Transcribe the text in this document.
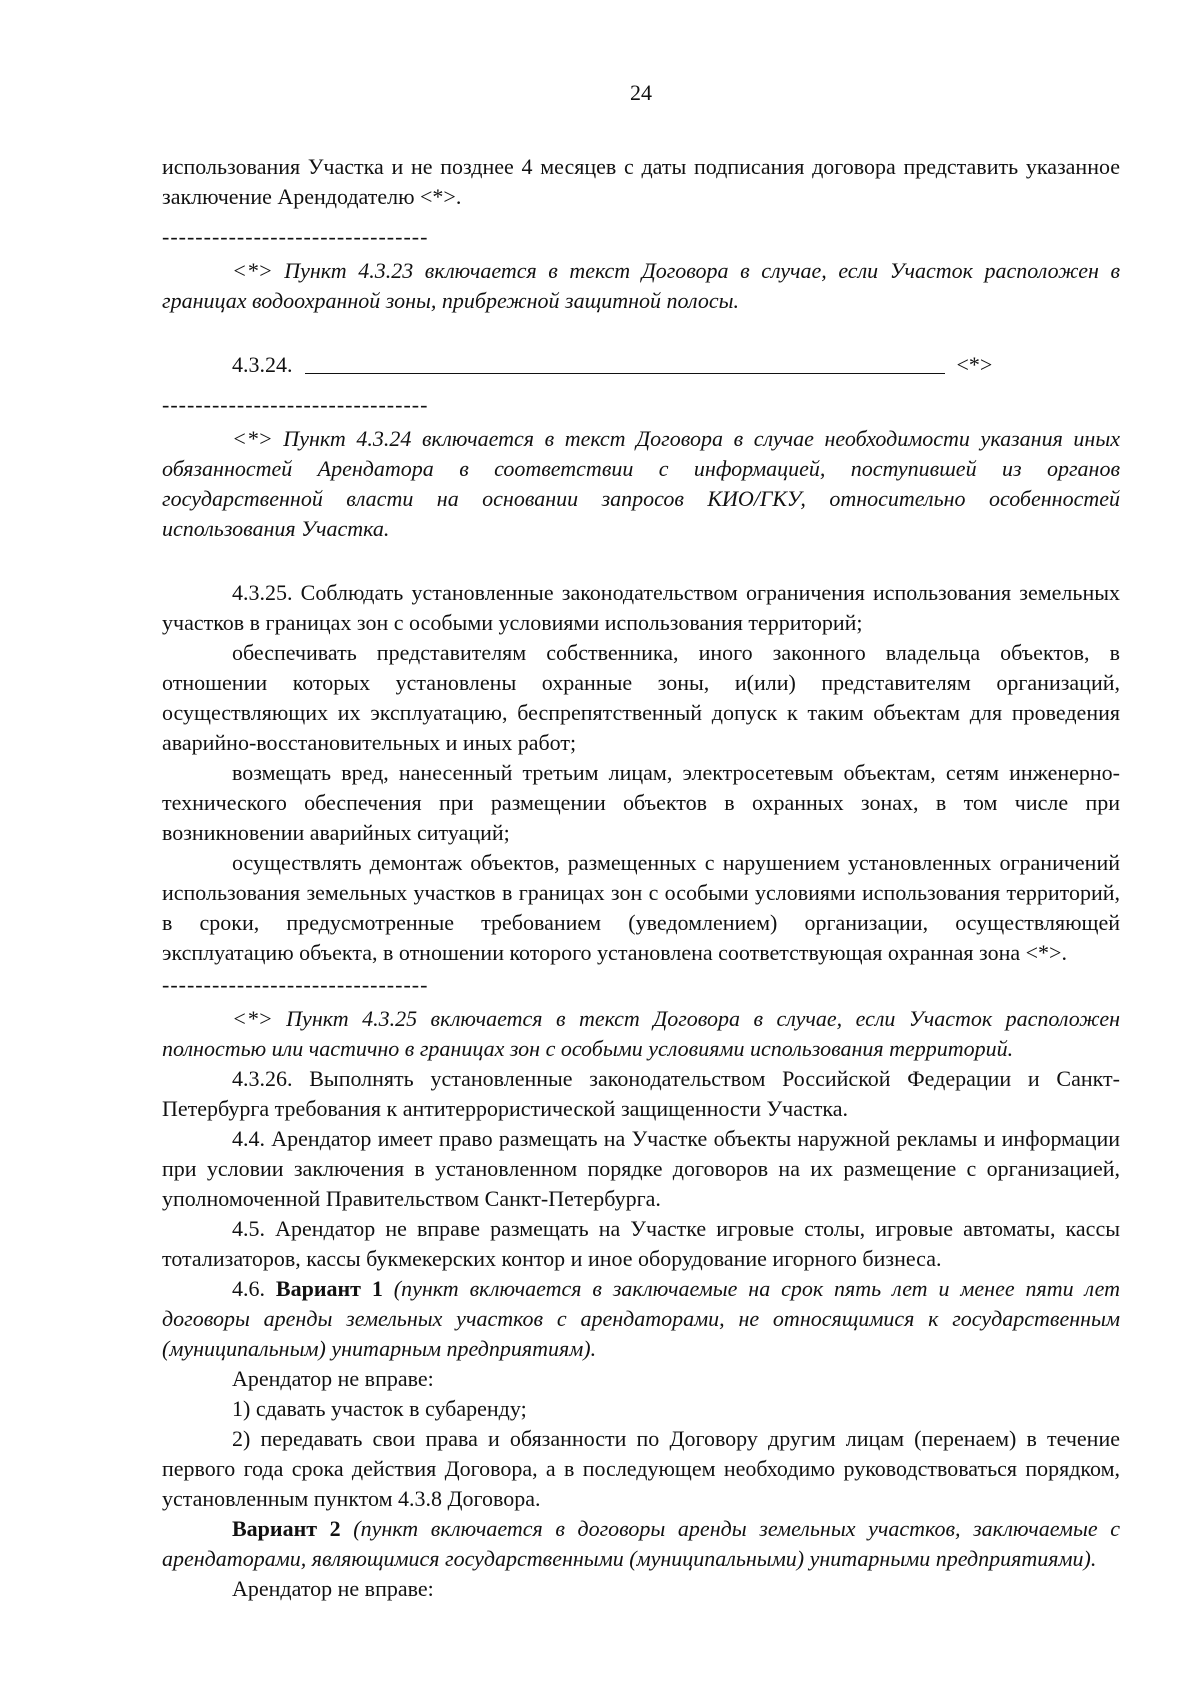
24

использования Участка и не позднее 4 месяцев с даты подписания договора представить указанное заключение Арендодателю <*>.

--------------------------------

<*> Пункт 4.3.23 включается в текст Договора в случае, если Участок расположен в границах водоохранной зоны, прибрежной защитной полосы.

4.3.24.	<*>

--------------------------------

<*> Пункт 4.3.24 включается в текст Договора в случае необходимости указания иных обязанностей Арендатора в соответствии с информацией, поступившей из органов государственной власти на основании запросов КИО/ГКУ, относительно особенностей использования Участка.

4.3.25. Соблюдать установленные законодательством ограничения использования земельных участков в границах зон с особыми условиями использования территорий;

обеспечивать представителям собственника, иного законного владельца объектов, в отношении которых установлены охранные зоны, и(или) представителям организаций, осуществляющих их эксплуатацию, беспрепятственный допуск к таким объектам для проведения аварийно-восстановительных и иных работ;

возмещать вред, нанесенный третьим лицам, электросетевым объектам, сетям инженерно-технического обеспечения при размещении объектов в охранных зонах, в том числе при возникновении аварийных ситуаций;

осуществлять демонтаж объектов, размещенных с нарушением установленных ограничений использования земельных участков в границах зон с особыми условиями использования территорий, в сроки, предусмотренные требованием (уведомлением) организации, осуществляющей эксплуатацию объекта, в отношении которого установлена соответствующая охранная зона <*>.

--------------------------------

<*> Пункт 4.3.25 включается в текст Договора в случае, если Участок расположен полностью или частично в границах зон с особыми условиями использования территорий.

4.3.26. Выполнять установленные законодательством Российской Федерации и Санкт-Петербурга требования к антитеррористической защищенности Участка.

4.4. Арендатор имеет право размещать на Участке объекты наружной рекламы и информации при условии заключения в установленном порядке договоров на их размещение с организацией, уполномоченной Правительством Санкт-Петербурга.

4.5. Арендатор не вправе размещать на Участке игровые столы, игровые автоматы, кассы тотализаторов, кассы букмекерских контор и иное оборудование игорного бизнеса.

4.6. Вариант 1 (пункт включается в заключаемые на срок пять лет и менее пяти лет договоры аренды земельных участков с арендаторами, не относящимися к государственным (муниципальным) унитарным предприятиям).

Арендатор не вправе:

1) сдавать участок в субаренду;

2) передавать свои права и обязанности по Договору другим лицам (перенаем) в течение первого года срока действия Договора, а в последующем необходимо руководствоваться порядком, установленным пунктом 4.3.8 Договора.

Вариант 2 (пункт включается в договоры аренды земельных участков, заключаемые с арендаторами, являющимися государственными (муниципальными) унитарными предприятиями).

Арендатор не вправе:
